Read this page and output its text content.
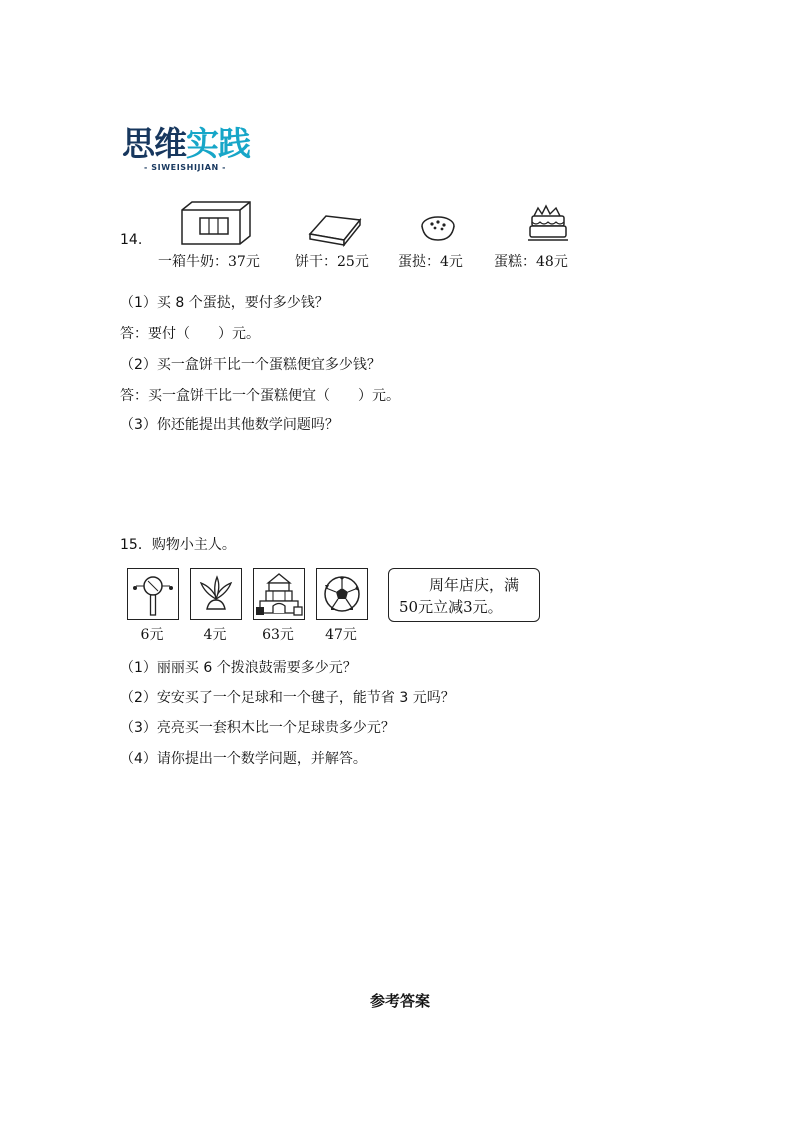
思维实践
- SIWEISHIJIAN -
14.
一箱牛奶：37元	饼干：25元 蛋挞：4元 蛋糕：48元
（1）买 8 个蛋挞，要付多少钱？
答：要付（　　）元。
（2）买一盒饼干比一个蛋糕便宜多少钱？
答：买一盒饼干比一个蛋糕便宜（　　）元。
（3）你还能提出其他数学问题吗？
15．购物小主人。
6元	4元	63元	47元
周年店庆，满
50元立减3元。
（1）丽丽买 6 个拨浪鼓需要多少元？
（2）安安买了一个足球和一个毽子，能节省 3 元吗？
（3）亮亮买一套积木比一个足球贵多少元？
（4）请你提出一个数学问题，并解答。
参考答案
